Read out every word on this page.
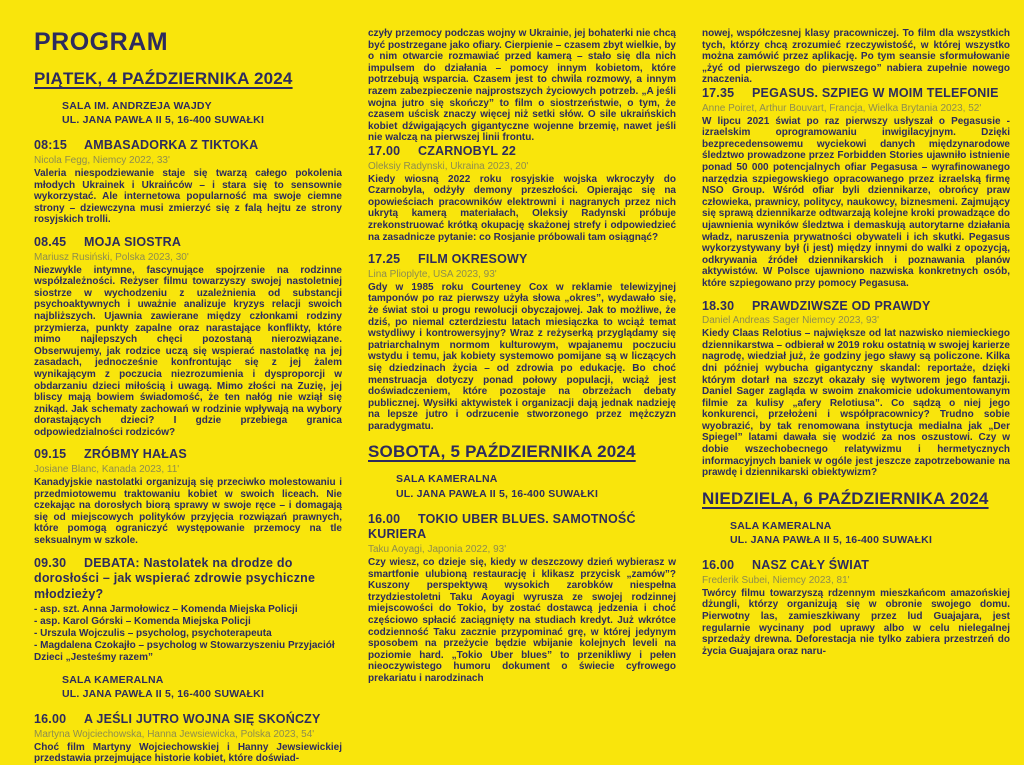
PROGRAM
PIĄTEK, 4 PAŹDZIERNIKA 2024
SALA IM. ANDRZEJA WAJDY
UL. JANA PAWŁA II 5, 16-400 SUWAŁKI
08:15 AMBASADORKA Z TIKTOKA
Nicola Fegg, Niemcy 2022, 33'

Valeria niespodziewanie staje się twarzą całego pokolenia młodych Ukrainek i Ukraińców – i stara się to sensownie wykorzystać. Ale internetowa popularność ma swoje ciemne strony – dziewczyna musi zmierzyć się z falą hejtu ze strony rosyjskich trolli.

08.45 MOJA SIOSTRA
Mariusz Rusiński, Polska 2023, 30'

Niezwykle intymne, fascynujące spojrzenie na rodzinne współzależności. Reżyser filmu towarzyszy swojej nastoletniej siostrze w wychodzeniu z uzależnienia od substancji psychoaktywnych i uważnie analizuje kryzys relacji swoich najbliższych. Ujawnia zawierane między członkami rodziny przymierza, punkty zapalne oraz narastające konflikty, które mimo najlepszych chęci pozostaną nierozwiązane. Obserwujemy, jak rodzice uczą się wspierać nastolatkę na jej zasadach, jednocześnie konfrontując się z jej żalem wynikającym z poczucia niezrozumienia i dysproporcji w obdarzaniu dzieci miłością i uwagą. Mimo złości na Zuzię, jej bliscy mają bowiem świadomość, że ten nałóg nie wziął się znikąd. Jak schematy zachowań w rodzinie wpływają na wybory dorastających dzieci? I gdzie przebiega granica odpowiedzialności rodziców?

09.15 ZRÓBMY HAŁAS
Josiane Blanc, Kanada 2023, 11'

Kanadyjskie nastolatki organizują się przeciwko molestowaniu i przedmiotowemu traktowaniu kobiet w swoich liceach. Nie czekając na dorosłych biorą sprawy w swoje ręce – i domagają się od miejscowych polityków przyjęcia rozwiązań prawnych, które pomogą ograniczyć występowanie przemocy na tle seksualnym w szkole.

09.30 DEBATA: Nastolatek na drodze do dorosłości – jak wspierać zdrowie psychiczne młodzieży?
- asp. szt. Anna Jarmołowicz – Komenda Miejska Policji
- asp. Karol Górski – Komenda Miejska Policji
- Urszula Wojczulis – psycholog, psychoterapeuta
- Magdalena Czokajło – psycholog w Stowarzyszeniu Przyjaciół Dzieci „Jesteśmy razem”
SALA KAMERALNA
UL. JANA PAWŁA II 5, 16-400 SUWAŁKI
16.00 A JEŚLI JUTRO WOJNA SIĘ SKOŃCZY
Martyna Wojciechowska, Hanna Jewsiewicka, Polska 2023, 54'

Choć film Martyny Wojciechowskiej i Hanny Jewsiewickiej przedstawia przejmujące historie kobiet, które doświad-

czyły przemocy podczas wojny w Ukrainie, jej bohaterki nie chcą być postrzegane jako ofiary. Cierpienie – czasem zbyt wielkie, by o nim otwarcie rozmawiać przed kamerą – stało się dla nich impulsem do działania – pomocy innym kobietom, które potrzebują wsparcia. Czasem jest to chwila rozmowy, a innym razem zabezpieczenie najprostszych życiowych potrzeb. „A jeśli wojna jutro się skończy” to film o siostrzeństwie, o tym, że czasem uścisk znaczy więcej niż setki słów. O sile ukraińskich kobiet dźwigających gigantyczne wojenne brzemię, nawet jeśli nie walczą na pierwszej linii frontu.

17.00 CZARNOBYL 22
Oleksiy Radynski, Ukraina 2023, 20'

Kiedy wiosną 2022 roku rosyjskie wojska wkroczyły do Czarnobyla, odżyły demony przeszłości. Opierając się na opowieściach pracowników elektrowni i nagranych przez nich ukrytą kamerą materiałach, Oleksiy Radynski próbuje zrekonstruować krótką okupację skażonej strefy i odpowiedzieć na zasadnicze pytanie: co Rosjanie próbowali tam osiągnąć?

17.25 FILM OKRESOWY
Lina Plioplyte, USA 2023, 93'

Gdy w 1985 roku Courteney Cox w reklamie telewizyjnej tamponów po raz pierwszy użyła słowa „okres”, wydawało się, że świat stoi u progu rewolucji obyczajowej. Jak to możliwe, że dziś, po niemal czterdziestu latach miesiączka to wciąż temat wstydliwy i kontrowersyjny? Wraz z reżyserką przyglądamy się patriarchalnym normom kulturowym, wpajanemu poczuciu wstydu i temu, jak kobiety systemowo pomijane są w liczących się dziedzinach życia – od zdrowia po edukację. Bo choć menstruacja dotyczy ponad połowy populacji, wciąż jest doświadczeniem, które pozostaje na obrzeżach debaty publicznej. Wysiłki aktywistek i organizacji dają jednak nadzieję na lepsze jutro i odrzucenie stworzonego przez mężczyzn paradygmatu.

SOBOTA, 5 PAŹDZIERNIKA 2024
SALA KAMERALNA
UL. JANA PAWŁA II 5, 16-400 SUWAŁKI
16.00 TOKIO UBER BLUES. SAMOTNOŚĆ KURIERA
Taku Aoyagi, Japonia 2022, 93'

Czy wiesz, co dzieje się, kiedy w deszczowy dzień wybierasz w smartfonie ulubioną restaurację i klikasz przycisk „zamów”? Kuszony perspektywą wysokich zarobków niespełna trzydziestoletni Taku Aoyagi wyrusza ze swojej rodzinnej miejscowości do Tokio, by zostać dostawcą jedzenia i choć częściowo spłacić zaciągnięty na studiach kredyt. Już wkrótce codzienność Taku zacznie przypominać grę, w której jedynym sposobem na przeżycie będzie wbijanie kolejnych leveli na poziomie hard. „Tokio Uber blues” to przenikliwy i pełen nieoczywistego humoru dokument o świecie cyfrowego prekariatu i narodzinach

nowej, współczesnej klasy pracowniczej. To film dla wszystkich tych, którzy chcą zrozumieć rzeczywistość, w której wszystko można zamówić przez aplikację. Po tym seansie sformułowanie „żyć od pierwszego do pierwszego” nabiera zupełnie nowego znaczenia.

17.35 PEGASUS. SZPIEG W MOIM TELEFONIE
Anne Poiret, Arthur Bouvart, Francja, Wielka Brytania 2023, 52'

W lipcu 2021 świat po raz pierwszy usłyszał o Pegasusie - izraelskim oprogramowaniu inwigilacyjnym. Dzięki bezprecedensowemu wyciekowi danych międzynarodowe śledztwo prowadzone przez Forbidden Stories ujawniło istnienie ponad 50 000 potencjalnych ofiar Pegasusa – wyrafinowanego narzędzia szpiegowskiego opracowanego przez izraelską firmę NSO Group. Wśród ofiar byli dziennikarze, obrońcy praw człowieka, prawnicy, politycy, naukowcy, biznesmeni. Zajmujący się sprawą dziennikarze odtwarzają kolejne kroki prowadzące do ujawnienia wyników śledztwa i demaskują autorytarne działania władz, naruszenia prywatności obywateli i ich skutki. Pegasus wykorzystywany był (i jest) między innymi do walki z opozycją, odkrywania źródeł dziennikarskich i poznawania planów aktywistów. W Polsce ujawniono nazwiska konkretnych osób, które szpiegowano przy pomocy Pegasusa.

18.30 PRAWDZIWSZE OD PRAWDY
Daniel Andreas Sager Niemcy 2023, 93'

Kiedy Claas Relotius – największe od lat nazwisko niemieckiego dziennikarstwa – odbierał w 2019 roku ostatnią w swojej karierze nagrodę, wiedział już, że godziny jego sławy są policzone. Kilka dni później wybucha gigantyczny skandal: reportaże, dzięki którym dotarł na szczyt okazały się wytworem jego fantazji. Daniel Sager zagląda w swoim znakomicie udokumentowanym filmie za kulisy „afery Relotiusa”. Co sądzą o niej jego konkurenci, przełożeni i współpracownicy? Trudno sobie wyobrazić, by tak renomowana instytucja medialna jak „Der Spiegel” latami dawała się wodzić za nos oszustowi. Czy w dobie wszechobecnego relatywizmu i hermetycznych informacyjnych baniek w ogóle jest jeszcze zapotrzebowanie na prawdę i dziennikarski obiektywizm?

NIEDZIELA, 6 PAŹDZIERNIKA 2024
SALA KAMERALNA
UL. JANA PAWŁA II 5, 16-400 SUWAŁKI
16.00 NASZ CAŁY ŚWIAT
Frederik Subei, Niemcy 2023, 81'

Twórcy filmu towarzyszą rdzennym mieszkańcom amazońskiej dżungli, którzy organizują się w obronie swojego domu. Pierwotny las, zamieszkiwany przez lud Guajajara, jest regularnie wycinany pod uprawy albo w celu nielegalnej sprzedaży drewna. Deforestacja nie tylko zabiera przestrzeń do życia Guajajara oraz naru-
